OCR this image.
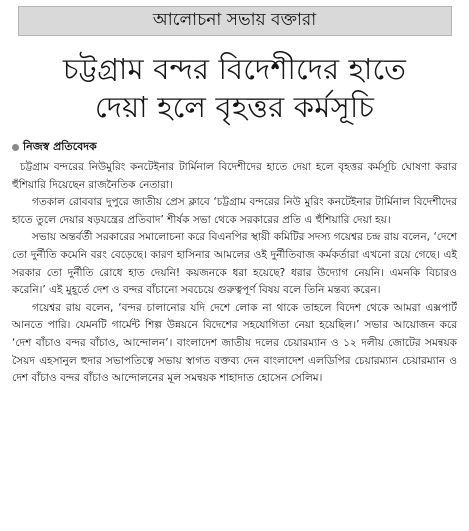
আলোচনা সভায় বক্তারা
চট্টগ্রাম বন্দর বিদেশীদের হাতে
দেয়া হলে বৃহত্তর কর্মসূচি
নিজস্ব প্রতিবেদক

চট্টগ্রাম বন্দরের নিউমুরিং কনটেইনার টার্মিনাল বিদেশীদের হাতে দেয়া হলে বৃহত্তর কর্মসূচি ঘোষণা করার হুঁশিয়ারি দিয়েছেন রাজনৈতিক নেতারা।

গতকাল রোববার দুপুরে জাতীয় প্রেস ক্লাবে ‘চট্টগ্রাম বন্দরের নিউ মুরিং কনটেইনার টার্মিনাল বিদেশীদের হাতে তুলে দেয়ার ষড়যন্ত্রের প্রতিবাদ’ শীর্ষক সভা থেকে সরকারের প্রতি এ হুঁশিয়ারি দেয়া হয়।

সভায় অন্তর্বর্তী সরকারের সমালোচনা করে বিএনপির স্থায়ী কমিটির সদস্য গয়েশ্বর চন্দ্র রায় বলেন, ‘দেশে তো দুর্নীতি কমেনি বরং বেড়েছে। কারণ হাসিনার আমলের ওই দুর্নীতিবাজ কর্মকর্তারা এখনো রয়ে গেছে। এই সরকার তো দুর্নীতি রোধে হাত দেয়নি! কয়জনকে ধরা হয়েছে? ধরার উদ্যোগ নেয়নি। এমনকি বিচারও করেনি।’ এই মুহূর্তে দেশ ও বন্দর বাঁচানো সবচেয়ে গুরুত্বপূর্ণ বিষয় বলে তিনি মন্তব্য করেন।

গয়েশ্বর রায় বলেন, ‘বন্দর চালানোর যদি দেশে লোক না থাকে তাহলে বিদেশ থেকে আমরা এক্সপার্ট আনতে পারি। যেমনটি গার্মেন্ট শিল্প উন্নয়নে বিদেশের সহযোগিতা নেয়া হয়েছিল।’ সভার আয়োজন করে ‘দেশ বাঁচাও বন্দর বাঁচাও, আন্দোলন’। বাংলাদেশ জাতীয় দলের চেয়ারম্যান ও ১২ দলীয় জোটের সমন্বয়ক সৈয়দ এহসানুল হুদার সভাপতিত্বে সভায় স্বাগত বক্তব্য দেন বাংলাদেশ এলডিপির চেয়ারম্যান চেয়ারম্যান ও দেশ বাঁচাও বন্দর বাঁচাও আন্দোলনের মূল সমন্বয়ক শাহাদাত হোসেন সেলিম।
